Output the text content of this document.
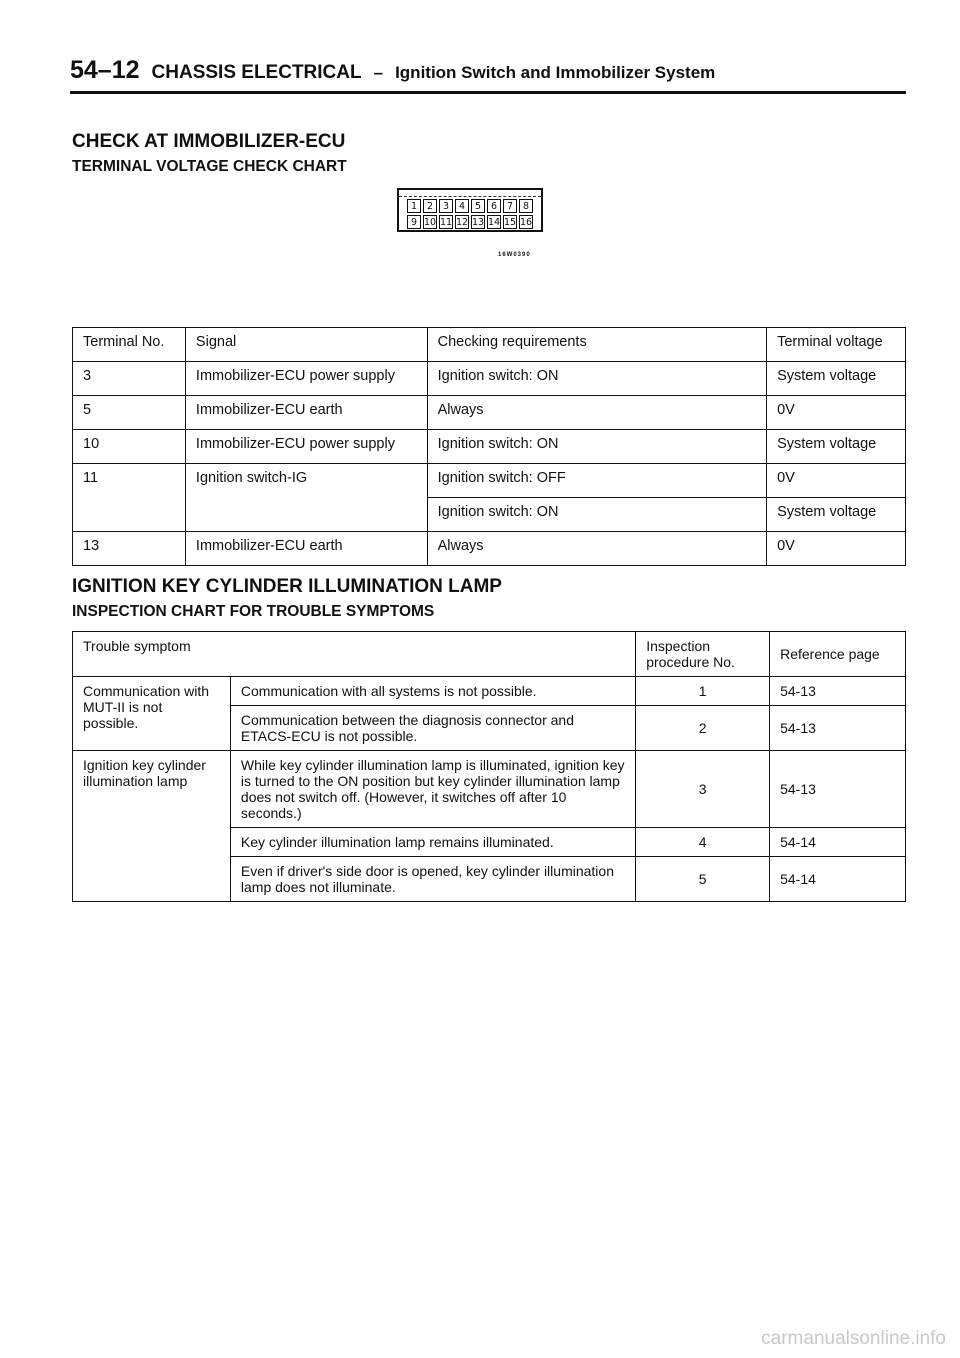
54–12 CHASSIS ELECTRICAL – Ignition Switch and Immobilizer System
CHECK AT IMMOBILIZER-ECU
TERMINAL VOLTAGE CHECK CHART
1	2	3	4	5	6	7	8
9 10 11 12 13 14 15 16
16W0390
Terminal No.	Signal	Checking requirements	Terminal voltage
3	Immobilizer-ECU power supply	Ignition switch: ON	System voltage
5	Immobilizer-ECU earth	Always	0V
10	Immobilizer-ECU power supply	Ignition switch: ON	System voltage
11	Ignition switch-IG	Ignition switch: OFF	0V
		Ignition switch: ON	System voltage
13	Immobilizer-ECU earth	Always	0V
IGNITION KEY CYLINDER ILLUMINATION LAMP
INSPECTION CHART FOR TROUBLE SYMPTOMS
Trouble symptom		Inspection procedure No.	Reference page
Communication with MUT-II is not possible.	Communication with all systems is not possible.	1	54-13
	Communication between the diagnosis connector and ETACS-ECU is not possible.	2	54-13
Ignition key cylinder illumination lamp	While key cylinder illumination lamp is illuminated, ignition key is turned to the ON position but key cylinder illumination lamp does not switch off. (However, it switches off after 10 seconds.)	3	54-13
	Key cylinder illumination lamp remains illuminated.	4	54-14
	Even if driver's side door is opened, key cylinder illumination lamp does not illuminate.	5	54-14
carmanualsonline.info
